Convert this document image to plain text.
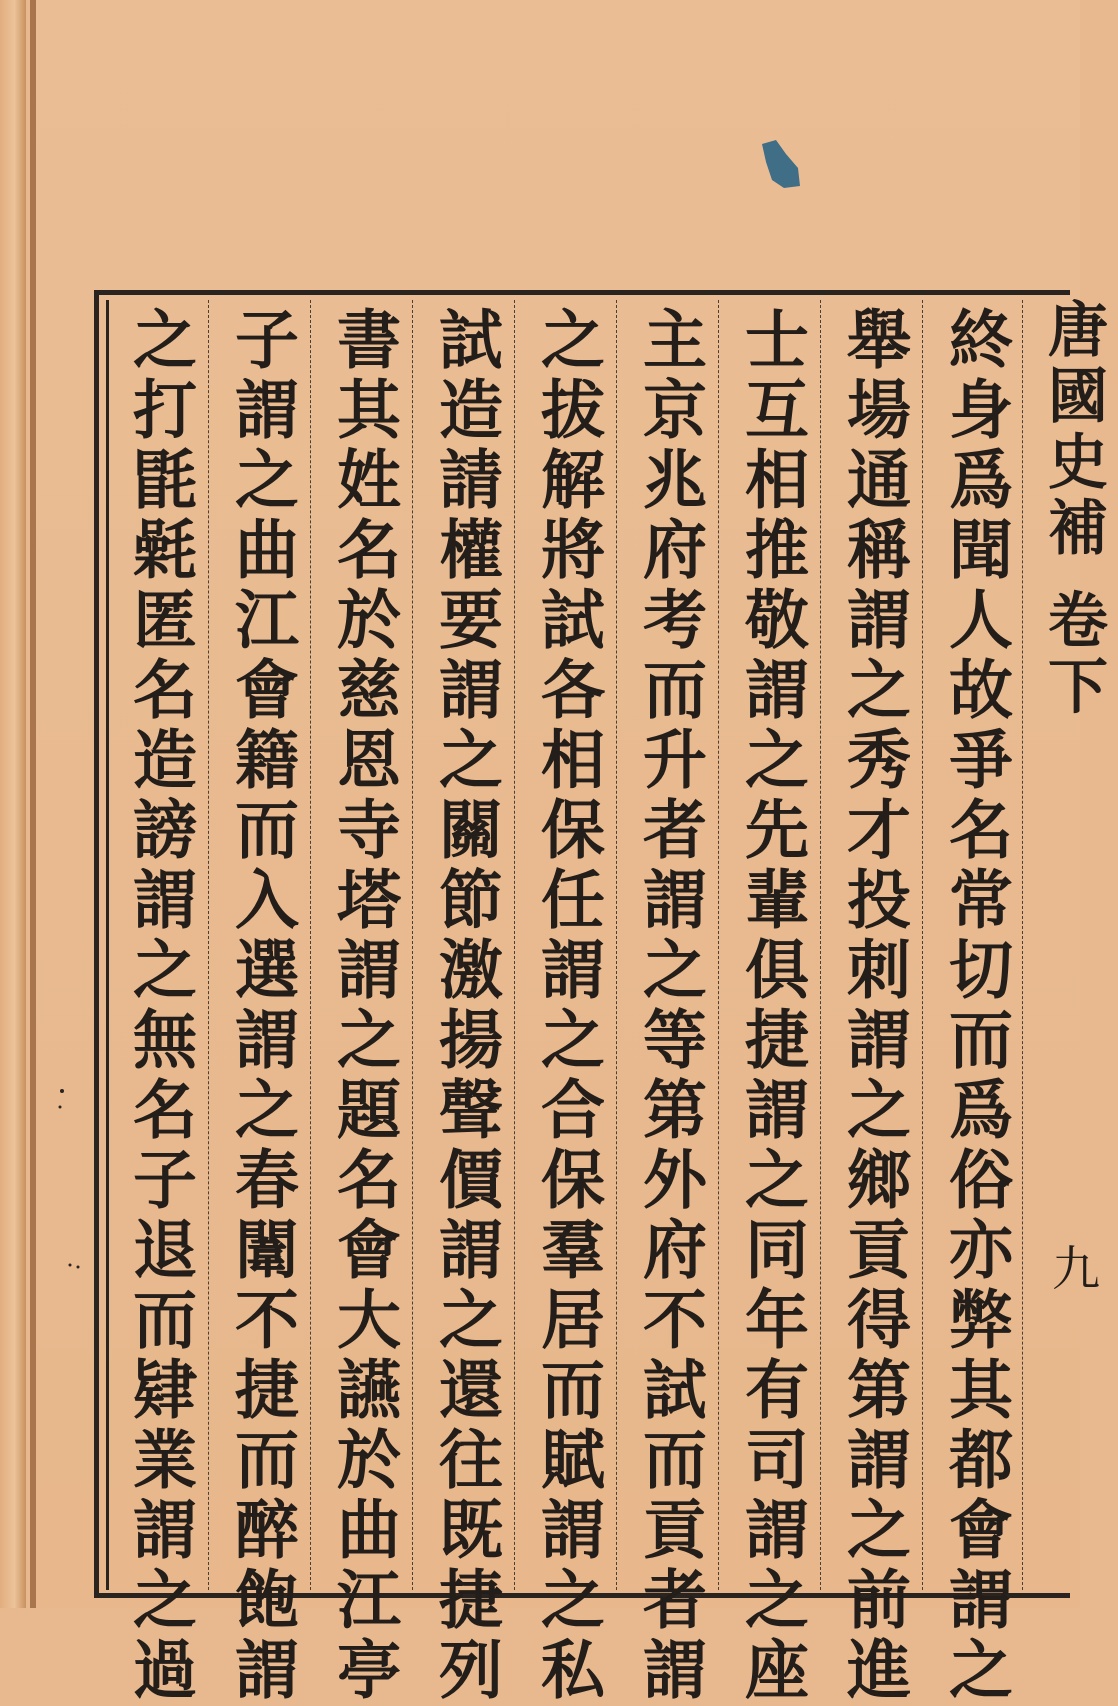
唐國史補 卷下
終身爲聞人故爭名常切而爲俗亦弊其都會謂之
舉場通稱謂之秀才投刺謂之鄉貢得第謂之前進
士互相推敬謂之先輩俱捷謂之同年有司謂之座
主京兆府考而升者謂之等第外府不試而貢者謂
之拔解將試各相保任謂之合保羣居而賦謂之私
試造請權要謂之關節激揚聲價謂之還往既捷列
書其姓名於慈恩寺塔謂之題名會大讌於曲江亭
子謂之曲江會籍而入選謂之春闈不捷而醉飽謂
之打毷氉匿名造謗謂之無名子退而肄業謂之過	九
